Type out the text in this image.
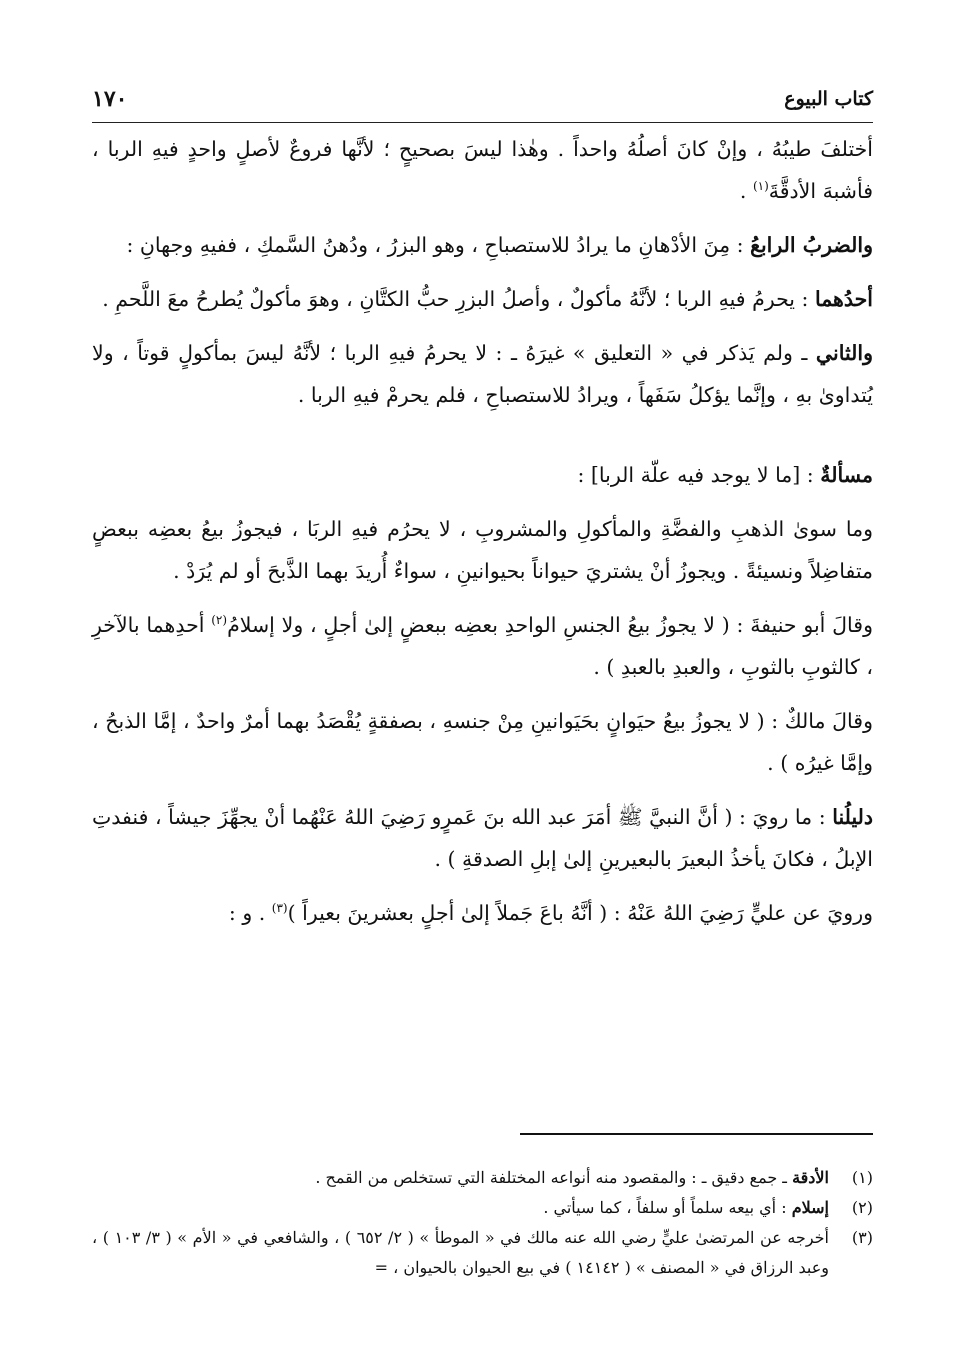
١٧٠	كتاب البيوع

أختلفَ طيبُهُ ، وإنْ كانَ أصلُهُ واحداً . وهٰذا ليسَ بصحيحٍ ؛ لأنَّها فروعٌ لأصلٍ واحدٍ فيهِ الربا ، فأشبهَ الأدقَّةَ$^{(١)}$ .

والضربُ الرابعُ : مِنَ الأدْهانِ ما يرادُ للاستصباحِ ، وهو البزرُ ، ودُهنُ السَّمكِ ، ففيهِ وجهانِ :

أحدُهما : يحرمُ فيهِ الربا ؛ لأنَّهُ مأكولٌ ، وأصلُ البزرِ حبُّ الكتَّانِ ، وهوَ مأكولٌ يُطرحُ معَ اللَّحمِ .

والثاني ـ ولم يَذكر في « التعليق » غيرَهُ ـ : لا يحرمُ فيهِ الربا ؛ لأنَّهُ ليسَ بمأكولٍ قوتاً ، ولا يُتداوىٰ بهِ ، وإنَّما يؤكلُ سَفَهاً ، ويرادُ للاستصباحِ ، فلم يحرمْ فيهِ الربا .

مسألةٌ : [ما لا يوجد فيه علّة الربا] :

وما سوىٰ الذهبِ والفضَّةِ والمأكولِ والمشروبِ ، لا يحرُم فيهِ الربَا ، فيجوزُ بيعُ بعضِه ببعضٍ متفاضِلاً ونسيئةً . ويجوزُ أنْ يشتريَ حيواناً بحيوانينِ ، سواءٌ أُريدَ بهما الذَّبحَ أو لم يُرَدْ .

وقالَ أبو حنيفةَ : ( لا يجوزُ بيعُ الجنسِ الواحدِ بعضِه ببعضٍ إلىٰ أجلٍ ، ولا إسلامُ$^{(٢)}$ أحدِهما بالآخرِ ، كالثوبِ بالثوبِ ، والعبدِ بالعبدِ ) .

وقالَ مالكٌ : ( لا يجوزُ بيعُ حيَوانٍ بحَيَوانينِ مِنْ جنسهِ ، بصفقةٍ يُقْصَدُ بهما أمرٌ واحدٌ ، إمَّا الذبحُ ، وإمَّا غيرُه ) .

دليلُنا : ما رويَ : ( أنَّ النبيَّ ﷺ أمَرَ عبد الله بنَ عَمرٍو رَضِيَ اللهُ عَنْهُما أنْ يجهِّزَ جيشاً ، فنفدتِ الإبلُ ، فكانَ يأخذُ البعيرَ بالبعيرينِ إلىٰ إبلِ الصدقةِ ) .

ورويَ عن عليٍّ رَضِيَ اللهُ عَنْهُ : ( أنَّهُ باعَ جَملاً إلىٰ أجلٍ بعشرينَ بعيراً )$^{(٣)}$ . و :

(١)
الأدقة ـ جمع دقيق ـ : والمقصود منه أنواعه المختلفة التي تستخلص من القمح .

(٢)
إسلام : أي بيعه سلماً أو سلفاً ، كما سيأتي .

(٣)
أخرجه عن المرتضىٰ عليٍّ رضي الله عنه مالك في « الموطأ » ( ٢/ ٦٥٢ ) ، والشافعي في « الأم » ( ٣/ ١٠٣ ) ، وعبد الرزاق في « المصنف » ( ١٤١٤٢ ) في بيع الحيوان بالحيوان ، =
